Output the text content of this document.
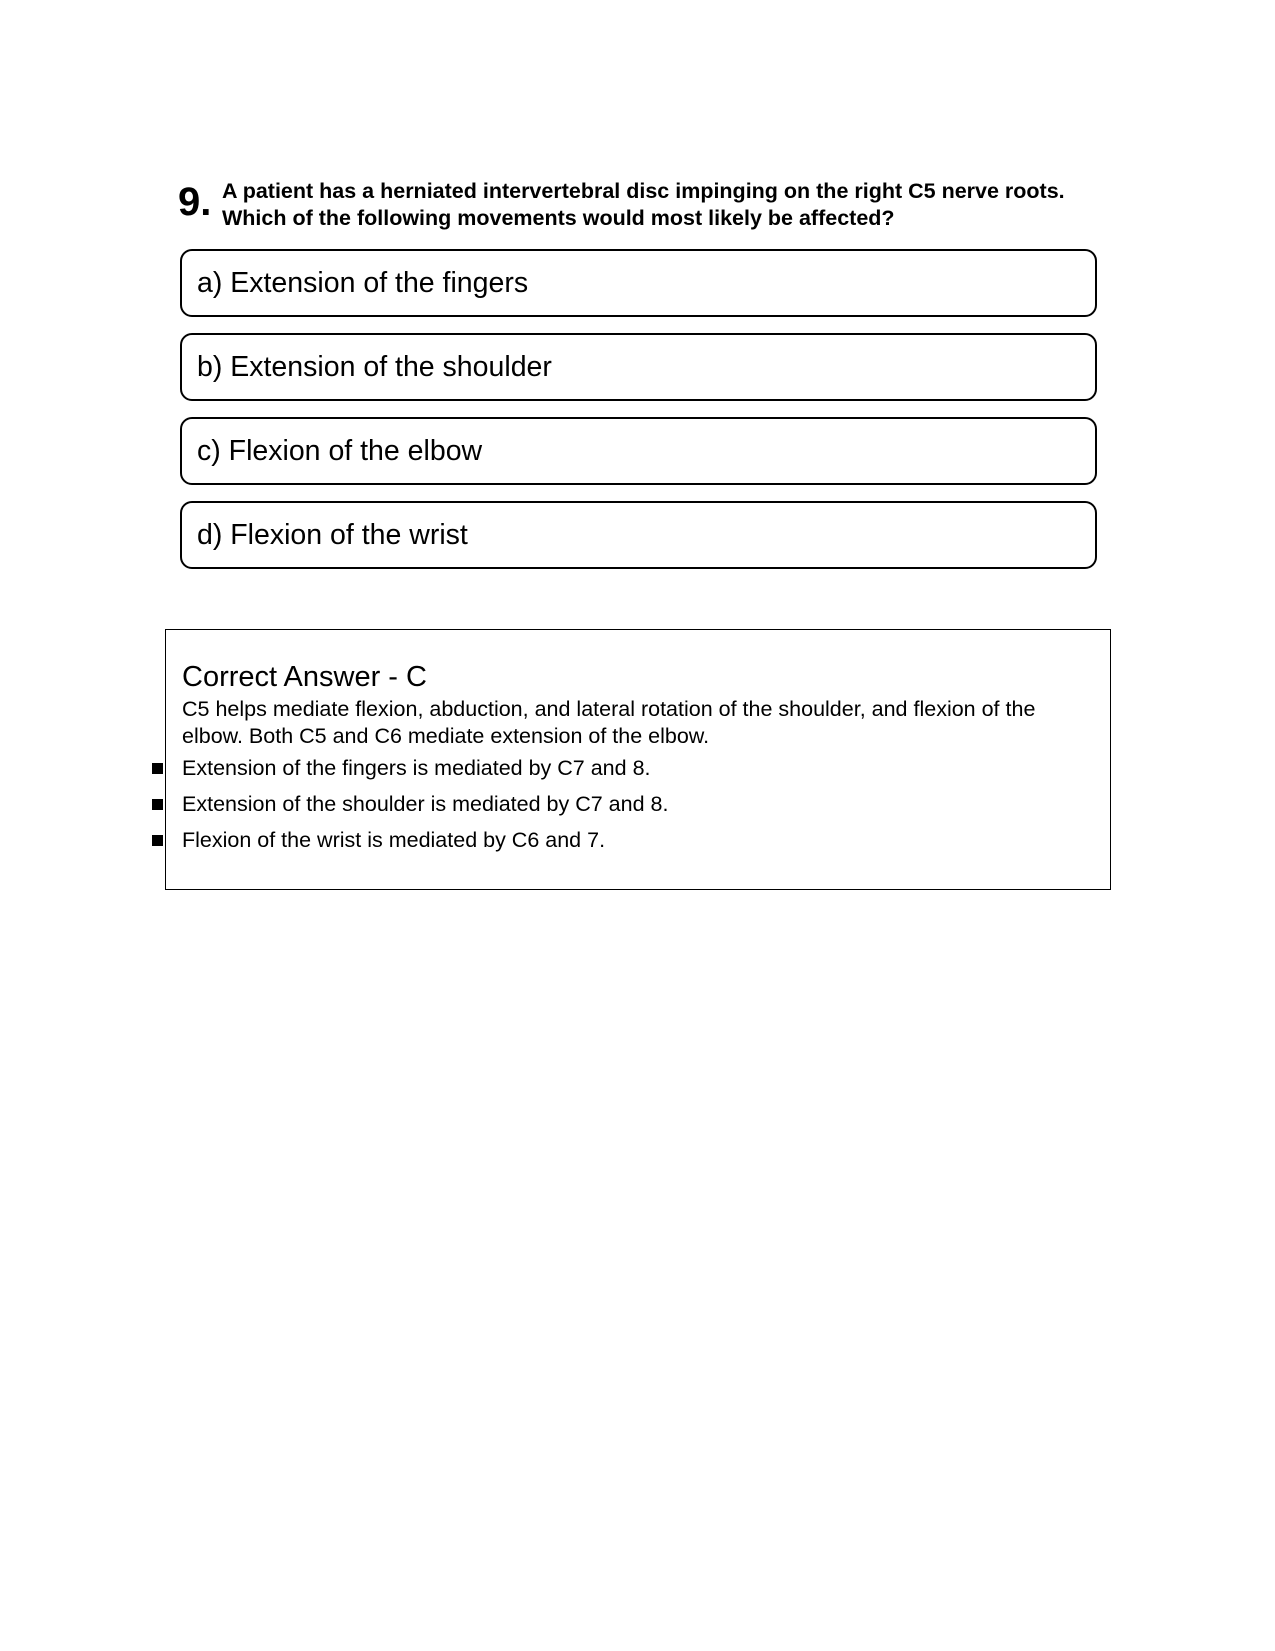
9. A patient has a herniated intervertebral disc impinging on the right C5 nerve roots. Which of the following movements would most likely be affected?
a) Extension of the fingers
b) Extension of the shoulder
c) Flexion of the elbow
d) Flexion of the wrist
Correct Answer - C
C5 helps mediate flexion, abduction, and lateral rotation of the shoulder, and flexion of the elbow. Both C5 and C6 mediate extension of the elbow.
Extension of the fingers is mediated by C7 and 8.
Extension of the shoulder is mediated by C7 and 8.
Flexion of the wrist is mediated by C6 and 7.
